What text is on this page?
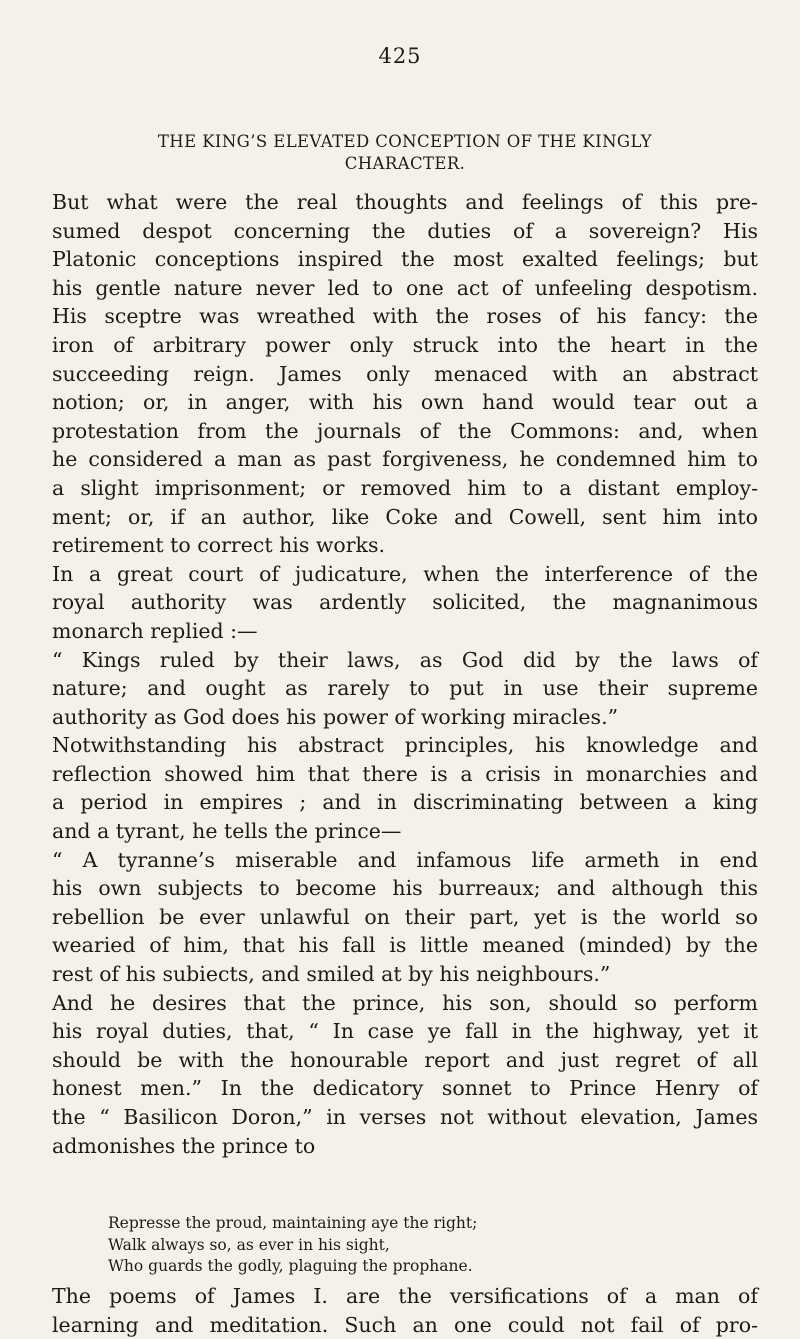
425
THE KING’S ELEVATED CONCEPTION OF THE KINGLY
CHARACTER.
But what were the real thoughts and feelings of this pre-
sumed despot concerning the duties of a sovereign? His
Platonic conceptions inspired the most exalted feelings; but
his gentle nature never led to one act of unfeeling despotism.
His sceptre was wreathed with the roses of his fancy: the
iron of arbitrary power only struck into the heart in the
succeeding reign. James only menaced with an abstract
notion; or, in anger, with his own hand would tear out a
protestation from the journals of the Commons: and, when
he considered a man as past forgiveness, he condemned him to
a slight imprisonment; or removed him to a distant employ-
ment; or, if an author, like Coke and Cowell, sent him into
retirement to correct his works.
In a great court of judicature, when the interference of the
royal authority was ardently solicited, the magnanimous
monarch replied :—
“ Kings ruled by their laws, as God did by the laws of
nature; and ought as rarely to put in use their supreme
authority as God does his power of working miracles.”
Notwithstanding his abstract principles, his knowledge and
reflection showed him that there is a crisis in monarchies and
a period in empires ; and in discriminating between a king
and a tyrant, he tells the prince—
“ A tyranne’s miserable and infamous life armeth in end
his own subjects to become his burreaux; and although this
rebellion be ever unlawful on their part, yet is the world so
wearied of him, that his fall is little meaned (minded) by the
rest of his subiects, and smiled at by his neighbours.”
And he desires that the prince, his son, should so perform
his royal duties, that, “ In case ye fall in the highway, yet it
should be with the honourable report and just regret of all
honest men.” In the dedicatory sonnet to Prince Henry of
the “ Basilicon Doron,” in verses not without elevation, James
admonishes the prince to
Represse the proud, maintaining aye the right;
Walk always so, as ever in his sight,
Who guards the godly, plaguing the prophane.
The poems of James I. are the versifications of a man of
learning and meditation. Such an one could not fail of pro-
